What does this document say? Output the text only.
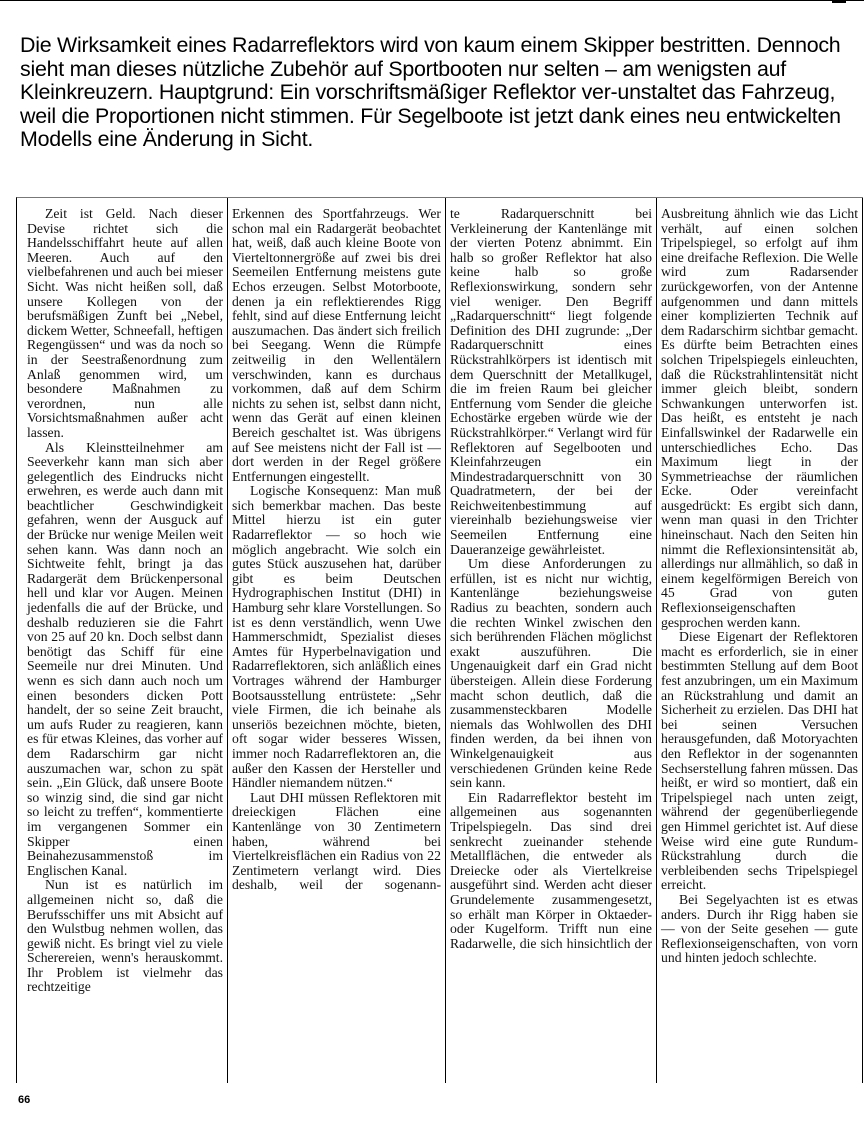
Die Wirksamkeit eines Radarreflektors wird von kaum einem Skipper bestritten. Dennoch sieht man dieses nützliche Zubehör auf Sportbooten nur selten – am wenigsten auf Kleinkreuzern. Hauptgrund: Ein vorschriftsmäßiger Reflektor ver-unstaltet das Fahrzeug, weil die Proportionen nicht stimmen. Für Segelboote ist jetzt dank eines neu entwickelten Modells eine Änderung in Sicht.

Zeit ist Geld. Nach dieser Devise richtet sich die Handelsschiffahrt heute auf allen Meeren. Auch auf den vielbefahrenen und auch bei mieser Sicht. Was nicht heißen soll, daß unsere Kollegen von der berufsmäßigen Zunft bei „Nebel, dickem Wetter, Schneefall, heftigen Regengüssen“ und was da noch so in der Seestraßenordnung zum Anlaß genommen wird, um besondere Maßnahmen zu verordnen, nun alle Vorsichtsmaßnahmen außer acht lassen.

Als Kleinstteilnehmer am Seeverkehr kann man sich aber gelegentlich des Eindrucks nicht erwehren, es werde auch dann mit beachtlicher Geschwindigkeit gefahren, wenn der Ausguck auf der Brücke nur wenige Meilen weit sehen kann. Was dann noch an Sichtweite fehlt, bringt ja das Radargerät dem Brückenpersonal hell und klar vor Augen. Meinen jedenfalls die auf der Brücke, und deshalb reduzieren sie die Fahrt von 25 auf 20 kn. Doch selbst dann benötigt das Schiff für eine Seemeile nur drei Minuten. Und wenn es sich dann auch noch um einen besonders dicken Pott handelt, der so seine Zeit braucht, um aufs Ruder zu reagieren, kann es für etwas Kleines, das vorher auf dem Radarschirm gar nicht auszumachen war, schon zu spät sein. „Ein Glück, daß unsere Boote so winzig sind, die sind gar nicht so leicht zu treffen“, kommentierte im vergangenen Sommer ein Skipper einen Beinahezusammenstoß im Englischen Kanal.

Nun ist es natürlich im allgemeinen nicht so, daß die Berufsschiffer uns mit Absicht auf den Wulstbug nehmen wollen, das gewiß nicht. Es bringt viel zu viele Scherereien, wenn's herauskommt. Ihr Problem ist vielmehr das rechtzeitige

Erkennen des Sportfahrzeugs. Wer schon mal ein Radargerät beobachtet hat, weiß, daß auch kleine Boote von Vierteltonnergröße auf zwei bis drei Seemeilen Entfernung meistens gute Echos erzeugen. Selbst Motorboote, denen ja ein reflektierendes Rigg fehlt, sind auf diese Entfernung leicht auszumachen. Das ändert sich freilich bei Seegang. Wenn die Rümpfe zeitweilig in den Wellentälern verschwinden, kann es durchaus vorkommen, daß auf dem Schirm nichts zu sehen ist, selbst dann nicht, wenn das Gerät auf einen kleinen Bereich geschaltet ist. Was übrigens auf See meistens nicht der Fall ist — dort werden in der Regel größere Entfernungen eingestellt.

Logische Konsequenz: Man muß sich bemerkbar machen. Das beste Mittel hierzu ist ein guter Radarreflektor — so hoch wie möglich angebracht. Wie solch ein gutes Stück auszusehen hat, darüber gibt es beim Deutschen Hydrographischen Institut (DHI) in Hamburg sehr klare Vorstellungen. So ist es denn verständlich, wenn Uwe Hammerschmidt, Spezialist dieses Amtes für Hyperbelnavigation und Radarreflektoren, sich anläßlich eines Vortrages während der Hamburger Bootsausstellung entrüstete: „Sehr viele Firmen, die ich beinahe als unseriös bezeichnen möchte, bieten, oft sogar wider besseres Wissen, immer noch Radarreflektoren an, die außer den Kassen der Hersteller und Händler niemandem nützen.“

Laut DHI müssen Reflektoren mit dreieckigen Flächen eine Kantenlänge von 30 Zentimetern haben, während bei Viertelkreisflächen ein Radius von 22 Zentimetern verlangt wird. Dies deshalb, weil der sogenann-

te Radarquerschnitt bei Verkleinerung der Kantenlänge mit der vierten Potenz abnimmt. Ein halb so großer Reflektor hat also keine halb so große Reflexionswirkung, sondern sehr viel weniger. Den Begriff „Radarquerschnitt“ liegt folgende Definition des DHI zugrunde: „Der Radarquerschnitt eines Rückstrahlkörpers ist identisch mit dem Querschnitt der Metallkugel, die im freien Raum bei gleicher Entfernung vom Sender die gleiche Echostärke ergeben würde wie der Rückstrahlkörper.“ Verlangt wird für Reflektoren auf Segelbooten und Kleinfahrzeugen ein Mindestradarquerschnitt von 30 Quadratmetern, der bei der Reichweitenbestimmung auf viereinhalb beziehungsweise vier Seemeilen Entfernung eine Daueranzeige gewährleistet.

Um diese Anforderungen zu erfüllen, ist es nicht nur wichtig, Kantenlänge beziehungsweise Radius zu beachten, sondern auch die rechten Winkel zwischen den sich berührenden Flächen möglichst exakt auszuführen. Die Ungenauigkeit darf ein Grad nicht übersteigen. Allein diese Forderung macht schon deutlich, daß die zusammensteckbaren Modelle niemals das Wohlwollen des DHI finden werden, da bei ihnen von Winkelgenauigkeit aus verschiedenen Gründen keine Rede sein kann.

Ein Radarreflektor besteht im allgemeinen aus sogenannten Tripelspiegeln. Das sind drei senkrecht zueinander stehende Metallflächen, die entweder als Dreiecke oder als Viertelkreise ausgeführt sind. Werden acht dieser Grundelemente zusammengesetzt, so erhält man Körper in Oktaeder- oder Kugelform. Trifft nun eine Radarwelle, die sich hinsichtlich der

Ausbreitung ähnlich wie das Licht verhält, auf einen solchen Tripelspiegel, so erfolgt auf ihm eine dreifache Reflexion. Die Welle wird zum Radarsender zurückgeworfen, von der Antenne aufgenommen und dann mittels einer komplizierten Technik auf dem Radarschirm sichtbar gemacht. Es dürfte beim Betrachten eines solchen Tripelspiegels einleuchten, daß die Rückstrahlintensität nicht immer gleich bleibt, sondern Schwankungen unterworfen ist. Das heißt, es entsteht je nach Einfallswinkel der Radarwelle ein unterschiedliches Echo. Das Maximum liegt in der Symmetrieachse der räumlichen Ecke. Oder vereinfacht ausgedrückt: Es ergibt sich dann, wenn man quasi in den Trichter hineinschaut. Nach den Seiten hin nimmt die Reflexionsintensität ab, allerdings nur allmählich, so daß in einem kegelförmigen Bereich von 45 Grad von guten Reflexionseigenschaften gesprochen werden kann.

Diese Eigenart der Reflektoren macht es erforderlich, sie in einer bestimmten Stellung auf dem Boot fest anzubringen, um ein Maximum an Rückstrahlung und damit an Sicherheit zu erzielen. Das DHI hat bei seinen Versuchen herausgefunden, daß Motoryachten den Reflektor in der sogenannten Sechserstellung fahren müssen. Das heißt, er wird so montiert, daß ein Tripelspiegel nach unten zeigt, während der gegenüberliegende gen Himmel gerichtet ist. Auf diese Weise wird eine gute Rundum-Rückstrahlung durch die verbleibenden sechs Tripelspiegel erreicht.

Bei Segelyachten ist es etwas anders. Durch ihr Rigg haben sie — von der Seite gesehen — gute Reflexionseigenschaften, von vorn und hinten jedoch schlechte.

66
